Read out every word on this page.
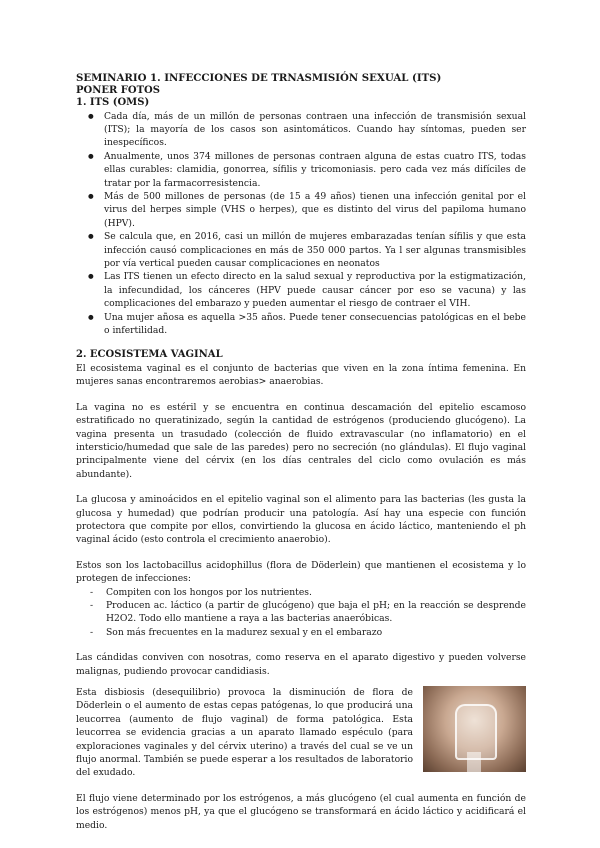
SEMINARIO 1. INFECCIONES DE TRNASMISIÓN SEXUAL (ITS)

PONER FOTOS

1. ITS (OMS)

● Cada día, más de un millón de personas contraen una infección de transmisión sexual (ITS); la mayoría de los casos son asintomáticos. Cuando hay síntomas, pueden ser inespecíficos.
● Anualmente, unos 374 millones de personas contraen alguna de estas cuatro ITS, todas ellas curables: clamidia, gonorrea, sífilis y tricomoniasis. pero cada vez más difíciles de tratar por la farmacorresistencia.
● Más de 500 millones de personas (de 15 a 49 años) tienen una infección genital por el virus del herpes simple (VHS o herpes), que es distinto del virus del papiloma humano (HPV).
● Se calcula que, en 2016, casi un millón de mujeres embarazadas tenían sífilis y que esta infección causó complicaciones en más de 350 000 partos. Ya l ser algunas transmisibles por vía vertical pueden causar complicaciones en neonatos
● Las ITS tienen un efecto directo en la salud sexual y reproductiva por la estigmatización, la infecundidad, los cánceres (HPV puede causar cáncer por eso se vacuna) y las complicaciones del embarazo y pueden aumentar el riesgo de contraer el VIH.
● Una mujer añosa es aquella >35 años. Puede tener consecuencias patológicas en el bebe o infertilidad.

2. ECOSISTEMA VAGINAL

El ecosistema vaginal es el conjunto de bacterias que viven en la zona íntima femenina. En mujeres sanas encontraremos aerobias> anaerobias.

La vagina no es estéril y se encuentra en continua descamación del epitelio escamoso estratificado no queratinizado, según la cantidad de estrógenos (produciendo glucógeno). La vagina presenta un trasudado (colección de fluido extravascular (no inflamatorio) en el intersticio/humedad que sale de las paredes) pero no secreción (no glándulas). El flujo vaginal principalmente viene del cérvix (en los días centrales del ciclo como ovulación es más abundante).

La glucosa y aminoácidos en el epitelio vaginal son el alimento para las bacterias (les gusta la glucosa y humedad) que podrían producir una patología. Así hay una especie con función protectora que compite por ellos, convirtiendo la glucosa en ácido láctico, manteniendo el ph vaginal ácido (esto controla el crecimiento anaerobio).

Estos son los lactobacillus acidophillus (flora de Döderlein) que mantienen el ecosistema y lo protegen de infecciones:

- Compiten con los hongos por los nutrientes.
- Producen ac. láctico (a partir de glucógeno) que baja el pH; en la reacción se desprende H2O2. Todo ello mantiene a raya a las bacterias anaeróbicas.
- Son más frecuentes en la madurez sexual y en el embarazo

Las cándidas conviven con nosotras, como reserva en el aparato digestivo y pueden volverse malignas, pudiendo provocar candidiasis.

Esta disbiosis (desequilibrio) provoca la disminución de flora de Döderlein o el aumento de estas cepas patógenas, lo que producirá una leucorrea (aumento de flujo vaginal) de forma patológica. Esta leucorrea se evidencia gracias a un aparato llamado espéculo (para exploraciones vaginales y del cérvix uterino) a través del cual se ve un flujo anormal. También se puede esperar a los resultados de laboratorio del exudado.

El flujo viene determinado por los estrógenos, a más glucógeno (el cual aumenta en función de los estrógenos) menos pH, ya que el glucógeno se transformará en ácido láctico y acidificará el medio.
